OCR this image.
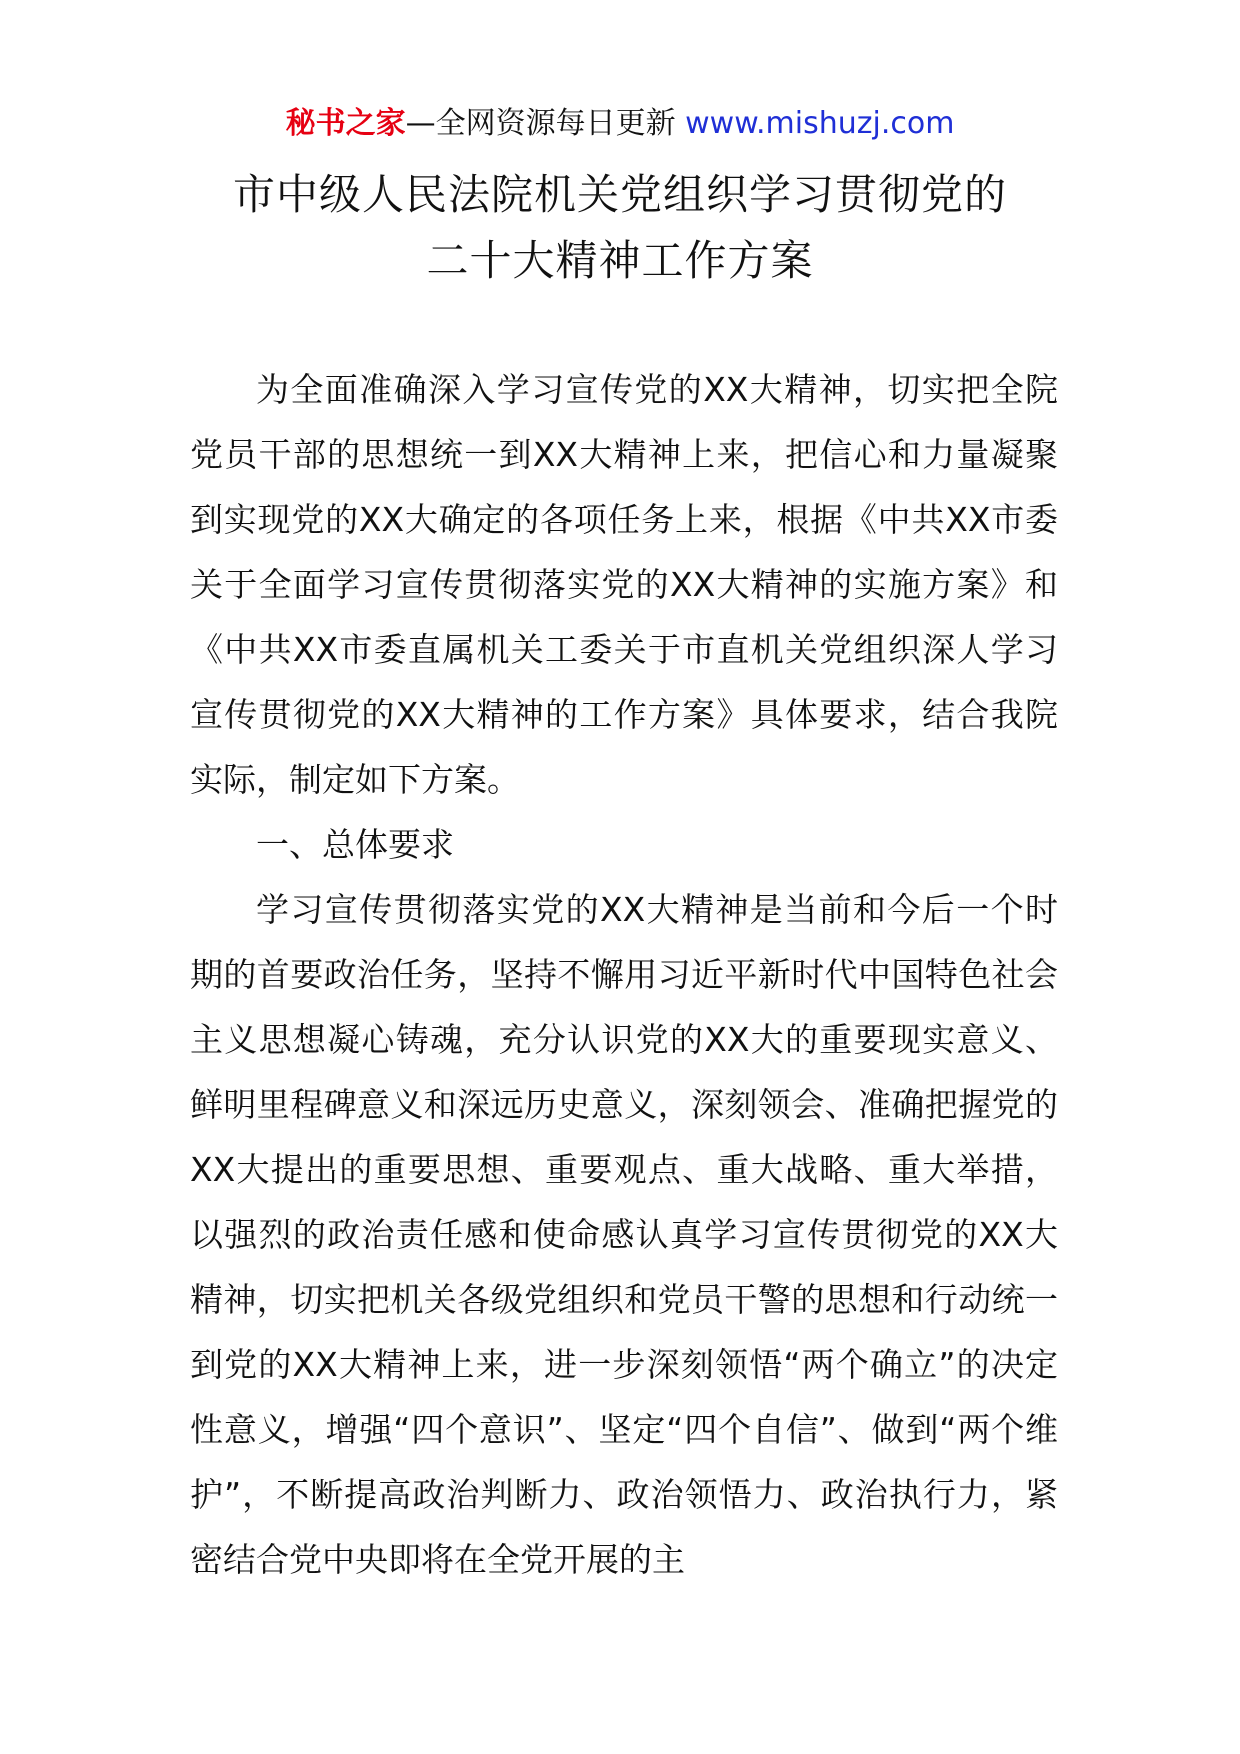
秘书之家—全网资源每日更新 www.mishuzj.com
市中级人民法院机关党组织学习贯彻党的
二十大精神工作方案

为全面准确深入学习宣传党的XX大精神，切实把全院党员干部的思想统一到XX大精神上来，把信心和力量凝聚到实现党的XX大确定的各项任务上来，根据《中共XX市委关于全面学习宣传贯彻落实党的XX大精神的实施方案》和《中共XX市委直属机关工委关于市直机关党组织深人学习宣传贯彻党的XX大精神的工作方案》具体要求，结合我院实际，制定如下方案。

一、总体要求

学习宣传贯彻落实党的XX大精神是当前和今后一个时期的首要政治任务，坚持不懈用习近平新时代中国特色社会主义思想凝心铸魂，充分认识党的XX大的重要现实意义、鲜明里程碑意义和深远历史意义，深刻领会、准确把握党的XX大提出的重要思想、重要观点、重大战略、重大举措，以强烈的政治责任感和使命感认真学习宣传贯彻党的XX大精神，切实把机关各级党组织和党员干警的思想和行动统一到党的XX大精神上来，进一步深刻领悟“两个确立”的决定性意义，增强“四个意识”、坚定“四个自信”、做到“两个维护”，不断提高政治判断力、政治领悟力、政治执行力，紧密结合党中央即将在全党开展的主
